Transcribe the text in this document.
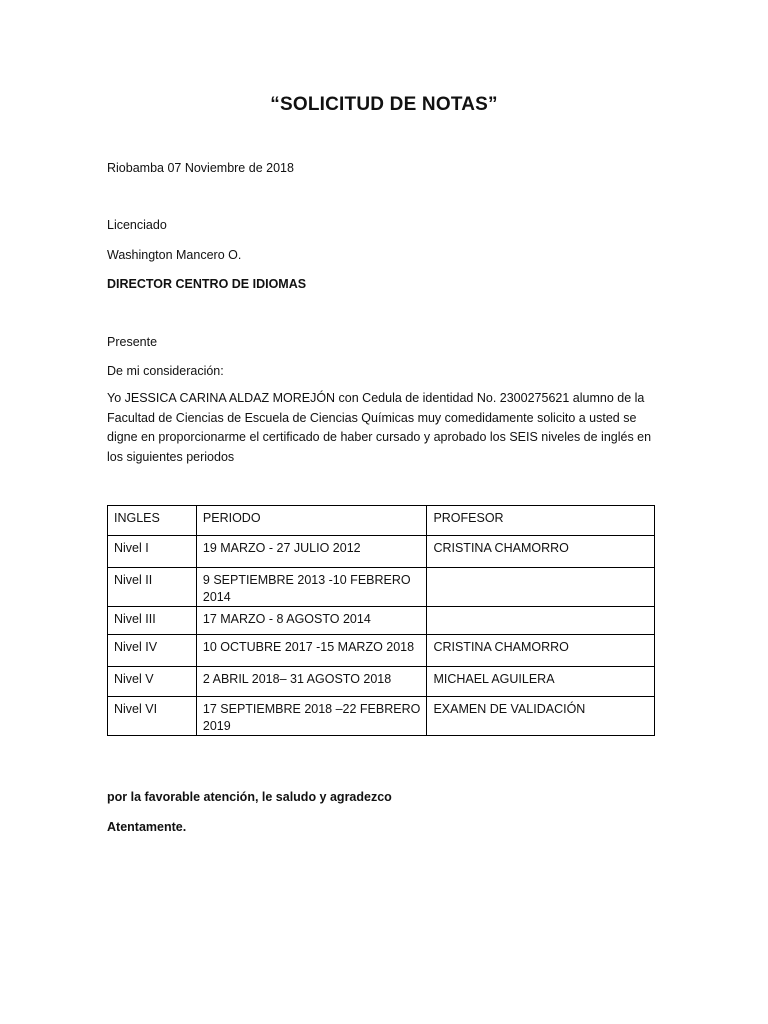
“SOLICITUD DE NOTAS”
Riobamba 07 Noviembre de 2018
Licenciado
Washington Mancero O.
DIRECTOR CENTRO DE IDIOMAS
Presente
De mi consideración:
Yo JESSICA CARINA ALDAZ MOREJÓN con Cedula de identidad No. 2300275621 alumno de la Facultad de Ciencias de Escuela de Ciencias Químicas muy comedidamente solicito a usted se digne en proporcionarme el certificado de haber cursado y aprobado los SEIS niveles de inglés en los siguientes periodos
INGLES	PERIODO	PROFESOR
Nivel I	19 MARZO - 27 JULIO 2012	CRISTINA CHAMORRO
Nivel II	9 SEPTIEMBRE 2013 -10 FEBRERO 2014	
Nivel III	17 MARZO - 8 AGOSTO 2014	
Nivel IV	10 OCTUBRE 2017 -15 MARZO 2018	CRISTINA CHAMORRO
Nivel V	2 ABRIL 2018– 31 AGOSTO 2018	MICHAEL AGUILERA
Nivel VI	17 SEPTIEMBRE 2018 –22 FEBRERO 2019	EXAMEN DE VALIDACIÓN
por la favorable atención, le saludo y agradezco
Atentamente.
